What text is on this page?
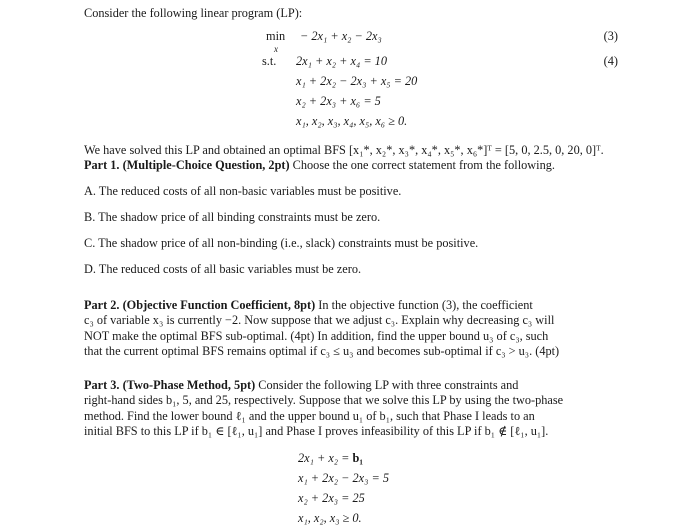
Consider the following linear program (LP):
min
x
− 2x₁ + x₂ − 2x₃	(3)
s.t. 2x₁ + x₂ + x₄ = 10	(4)
x₁ + 2x₂ − 2x₃ + x₅ = 20
x₂ + 2x₃ + x₆ = 5
x₁, x₂, x₃, x₄, x₅, x₆ ≥ 0.
We have solved this LP and obtained an optimal BFS [x₁*, x₂*, x₃*, x₄*, x₅*, x₆*]ᵀ = [5, 0, 2.5, 0, 20, 0]ᵀ.
Part 1. (Multiple-Choice Question, 2pt) Choose the one correct statement from the following.
A. The reduced costs of all non-basic variables must be positive.
B. The shadow price of all binding constraints must be zero.
C. The shadow price of all non-binding (i.e., slack) constraints must be positive.
D. The reduced costs of all basic variables must be zero.
Part 2. (Objective Function Coefficient, 8pt) In the objective function (3), the coefficient
c₃ of variable x₃ is currently −2. Now suppose that we adjust c₃. Explain why decreasing c₃ will
NOT make the optimal BFS sub-optimal. (4pt) In addition, find the upper bound u₃ of c₃, such
that the current optimal BFS remains optimal if c₃ ≤ u₃ and becomes sub-optimal if c₃ > u₃. (4pt)
Part 3. (Two-Phase Method, 5pt) Consider the following LP with three constraints and
right-hand sides b₁, 5, and 25, respectively. Suppose that we solve this LP by using the two-phase
method. Find the lower bound ℓ₁ and the upper bound u₁ of b₁, such that Phase I leads to an
initial BFS to this LP if b₁ ∈ [ℓ₁, u₁] and Phase I proves infeasibility of this LP if b₁ ∉ [ℓ₁, u₁].
2x₁ + x₂ = b₁
x₁ + 2x₂ − 2x₃ = 5
x₂ + 2x₃ = 25
x₁, x₂, x₃ ≥ 0.
